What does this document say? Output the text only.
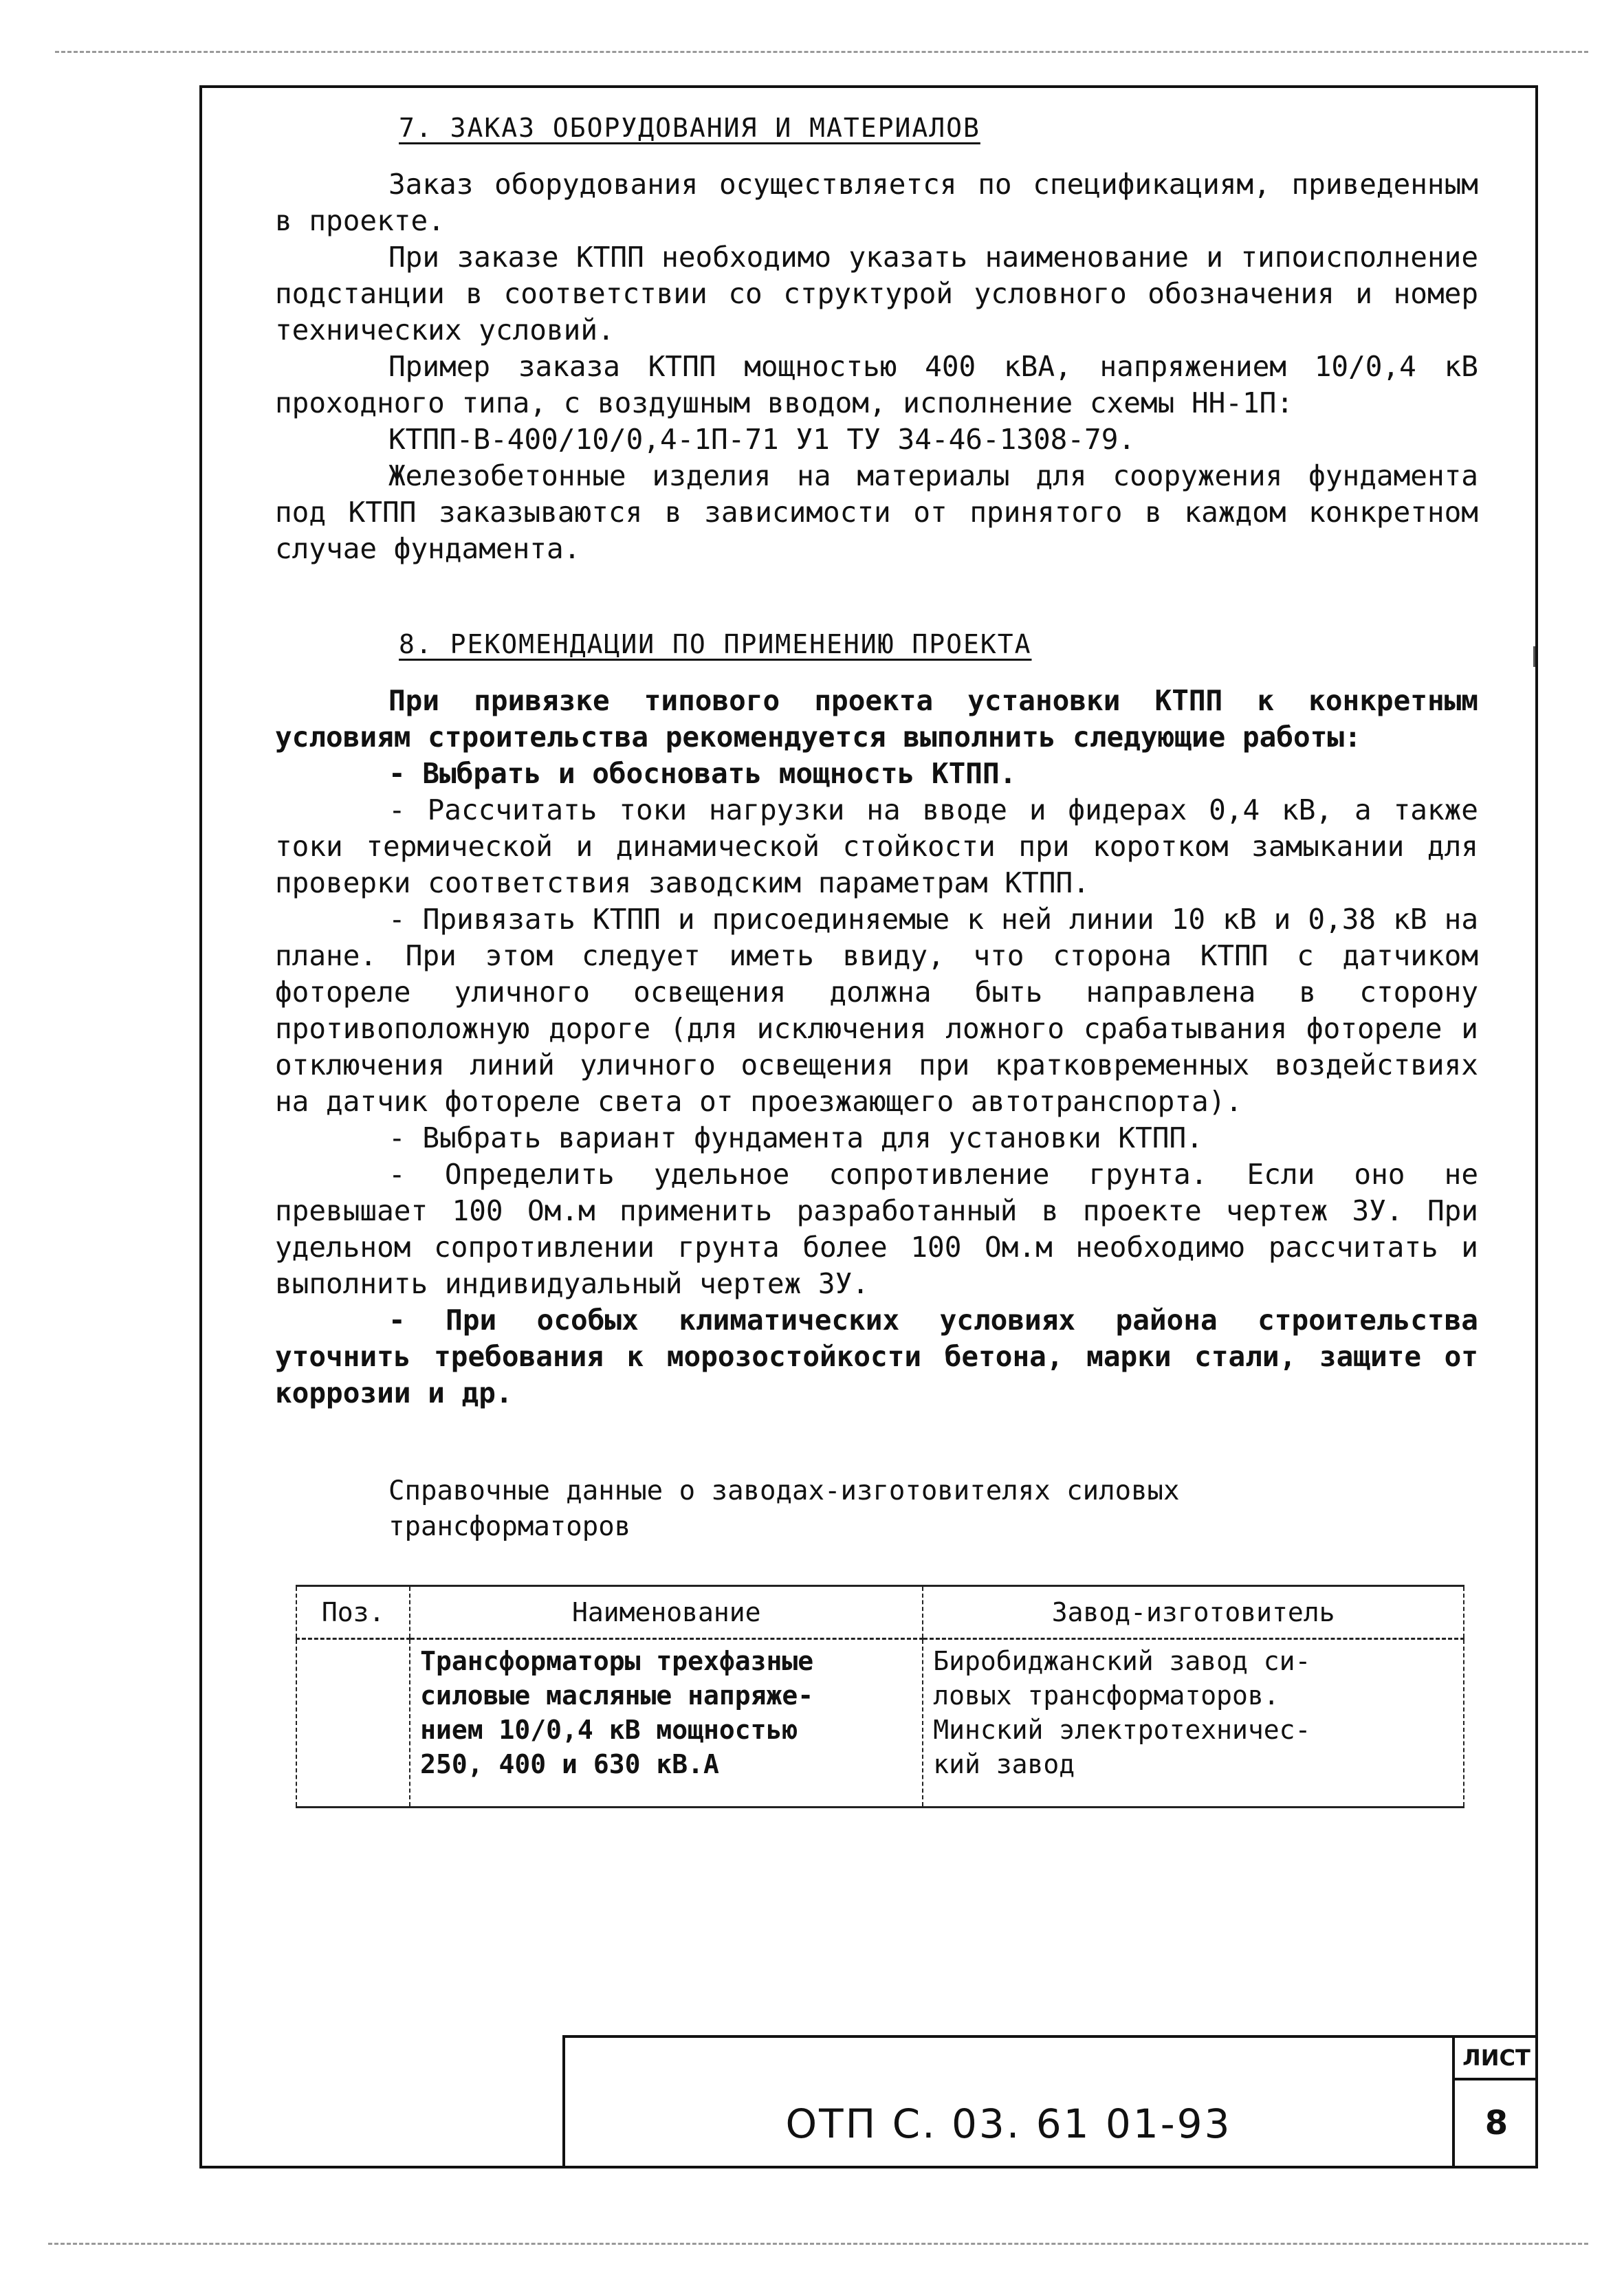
7. ЗАКАЗ ОБОРУДОВАНИЯ И МАТЕРИАЛОВ

Заказ оборудования осуществляется по спецификациям, приведенным в проекте.

При заказе КТПП необходимо указать наименование и типоисполнение подстанции в соответствии со структурой условного обозначения и номер технических условий.

Пример заказа КТПП мощностью 400 кВА, напряжением 10/0,4 кВ проходного типа, с воздушным вводом, исполнение схемы НН-1П:

КТПП-В-400/10/0,4-1П-71 У1 ТУ 34-46-1308-79.

Железобетонные изделия на материалы для сооружения фундамента под КТПП заказываются в зависимости от принятого в каждом конкретном случае фундамента.

8. РЕКОМЕНДАЦИИ ПО ПРИМЕНЕНИЮ ПРОЕКТА

При привязке типового проекта установки КТПП к конкретным условиям строительства рекомендуется выполнить следующие работы:

- Выбрать и обосновать мощность КТПП.

- Рассчитать токи нагрузки на вводе и фидерах 0,4 кВ, а также токи термической и динамической стойкости при коротком замыкании для проверки соответствия заводским параметрам КТПП.

- Привязать КТПП и присоединяемые к ней линии 10 кВ и 0,38 кВ на плане. При этом следует иметь ввиду, что сторона КТПП с датчиком фотореле уличного освещения должна быть направлена в сторону противоположную дороге (для исключения ложного срабатывания фотореле и отключения линий уличного освещения при кратковременных воздействиях на датчик фотореле света от проезжающего автотранспорта).

- Выбрать вариант фундамента для установки КТПП.

- Определить удельное сопротивление грунта. Если оно не превышает 100 Ом.м применить разработанный в проекте чертеж ЗУ. При удельном сопротивлении грунта более 100 Ом.м необходимо рассчитать и выполнить индивидуальный чертеж ЗУ.

- При особых климатических условиях района строительства уточнить требования к морозостойкости бетона, марки стали, защите от коррозии и др.

Справочные данные о заводах-изготовителях силовых трансформаторов

Поз.	Наименование	Завод-изготовитель

	Трансформаторы трехфазные
силовые масляные напряже-
нием 10/0,4 кВ мощностью
250, 400 и 630 кВ.А	Биробиджанский завод си-
ловых трансформаторов.
Минский электротехничес-
кий завод
ОТП С. 03. 61 01-93
ЛИСТ
8
